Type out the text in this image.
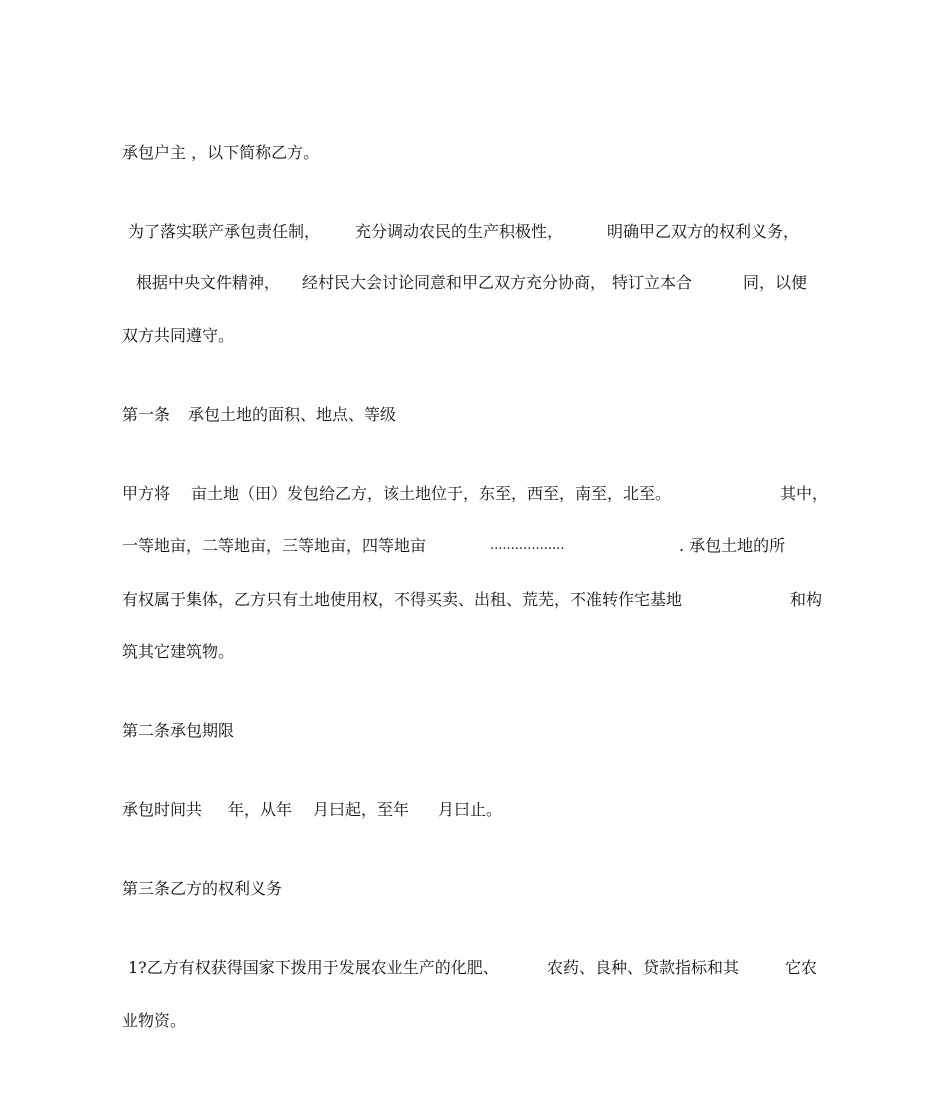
承包户主 ，以下简称乙方。
为了落实联产承包责任制， 充分调动农民的生产积极性，	明确甲乙双方的权利义务，
根据中央文件精神， 经村民大会讨论同意和甲乙双方充分协商， 特订立本合	同，以便
双方共同遵守。
第一条 承包土地的面积、地点、等级
甲方将 亩土地（田）发包给乙方，该土地位于，东至，西至，南至，北至。	其中，
一等地亩，二等地亩，三等地亩，四等地亩	..................	. 承包土地的所
有权属于集体，乙方只有土地使用权，不得买卖、出租、荒芜，不准转作宅基地	和构
筑其它建筑物。
第二条承包期限
承包时间共 年，从年 月曰起，至年 月曰止。
第三条乙方的权利义务
1?乙方有权获得国家下拨用于发展农业生产的化肥、	农药、良种、贷款指标和其	它农
业物资。
